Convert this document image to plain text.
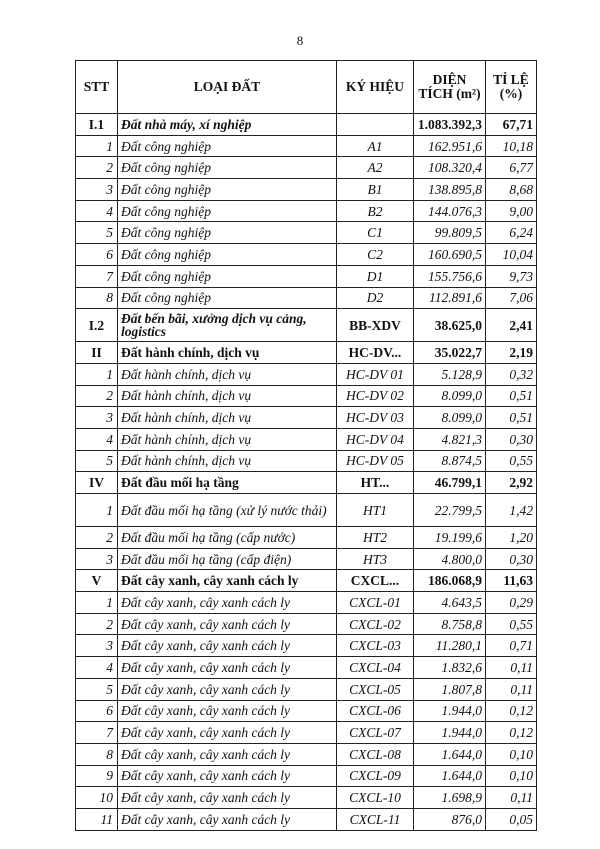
8
STT	LOẠI ĐẤT	KÝ HIỆU	DIỆN TÍCH (m²)	TỈ LỆ (%)
I.1	Đất nhà máy, xí nghiệp		1.083.392,3	67,71
1	Đất công nghiệp	A1	162.951,6	10,18
2	Đất công nghiệp	A2	108.320,4	6,77
3	Đất công nghiệp	B1	138.895,8	8,68
4	Đất công nghiệp	B2	144.076,3	9,00
5	Đất công nghiệp	C1	99.809,5	6,24
6	Đất công nghiệp	C2	160.690,5	10,04
7	Đất công nghiệp	D1	155.756,6	9,73
8	Đất công nghiệp	D2	112.891,6	7,06
I.2	Đất bến bãi, xưởng dịch vụ cảng, logistics	BB-XDV	38.625,0	2,41
II	Đất hành chính, dịch vụ	HC-DV...	35.022,7	2,19
1	Đất hành chính, dịch vụ	HC-DV 01	5.128,9	0,32
2	Đất hành chính, dịch vụ	HC-DV 02	8.099,0	0,51
3	Đất hành chính, dịch vụ	HC-DV 03	8.099,0	0,51
4	Đất hành chính, dịch vụ	HC-DV 04	4.821,3	0,30
5	Đất hành chính, dịch vụ	HC-DV 05	8.874,5	0,55
IV	Đất đầu mối hạ tầng	HT...	46.799,1	2,92
1	Đất đầu mối hạ tầng (xử lý nước thải)	HT1	22.799,5	1,42
2	Đất đầu mối hạ tầng (cấp nước)	HT2	19.199,6	1,20
3	Đất đầu mối hạ tầng (cấp điện)	HT3	4.800,0	0,30
V	Đất cây xanh, cây xanh cách ly	CXCL...	186.068,9	11,63
1	Đất cây xanh, cây xanh cách ly	CXCL-01	4.643,5	0,29
2	Đất cây xanh, cây xanh cách ly	CXCL-02	8.758,8	0,55
3	Đất cây xanh, cây xanh cách ly	CXCL-03	11.280,1	0,71
4	Đất cây xanh, cây xanh cách ly	CXCL-04	1.832,6	0,11
5	Đất cây xanh, cây xanh cách ly	CXCL-05	1.807,8	0,11
6	Đất cây xanh, cây xanh cách ly	CXCL-06	1.944,0	0,12
7	Đất cây xanh, cây xanh cách ly	CXCL-07	1.944,0	0,12
8	Đất cây xanh, cây xanh cách ly	CXCL-08	1.644,0	0,10
9	Đất cây xanh, cây xanh cách ly	CXCL-09	1.644,0	0,10
10	Đất cây xanh, cây xanh cách ly	CXCL-10	1.698,9	0,11
11	Đất cây xanh, cây xanh cách ly	CXCL-11	876,0	0,05
